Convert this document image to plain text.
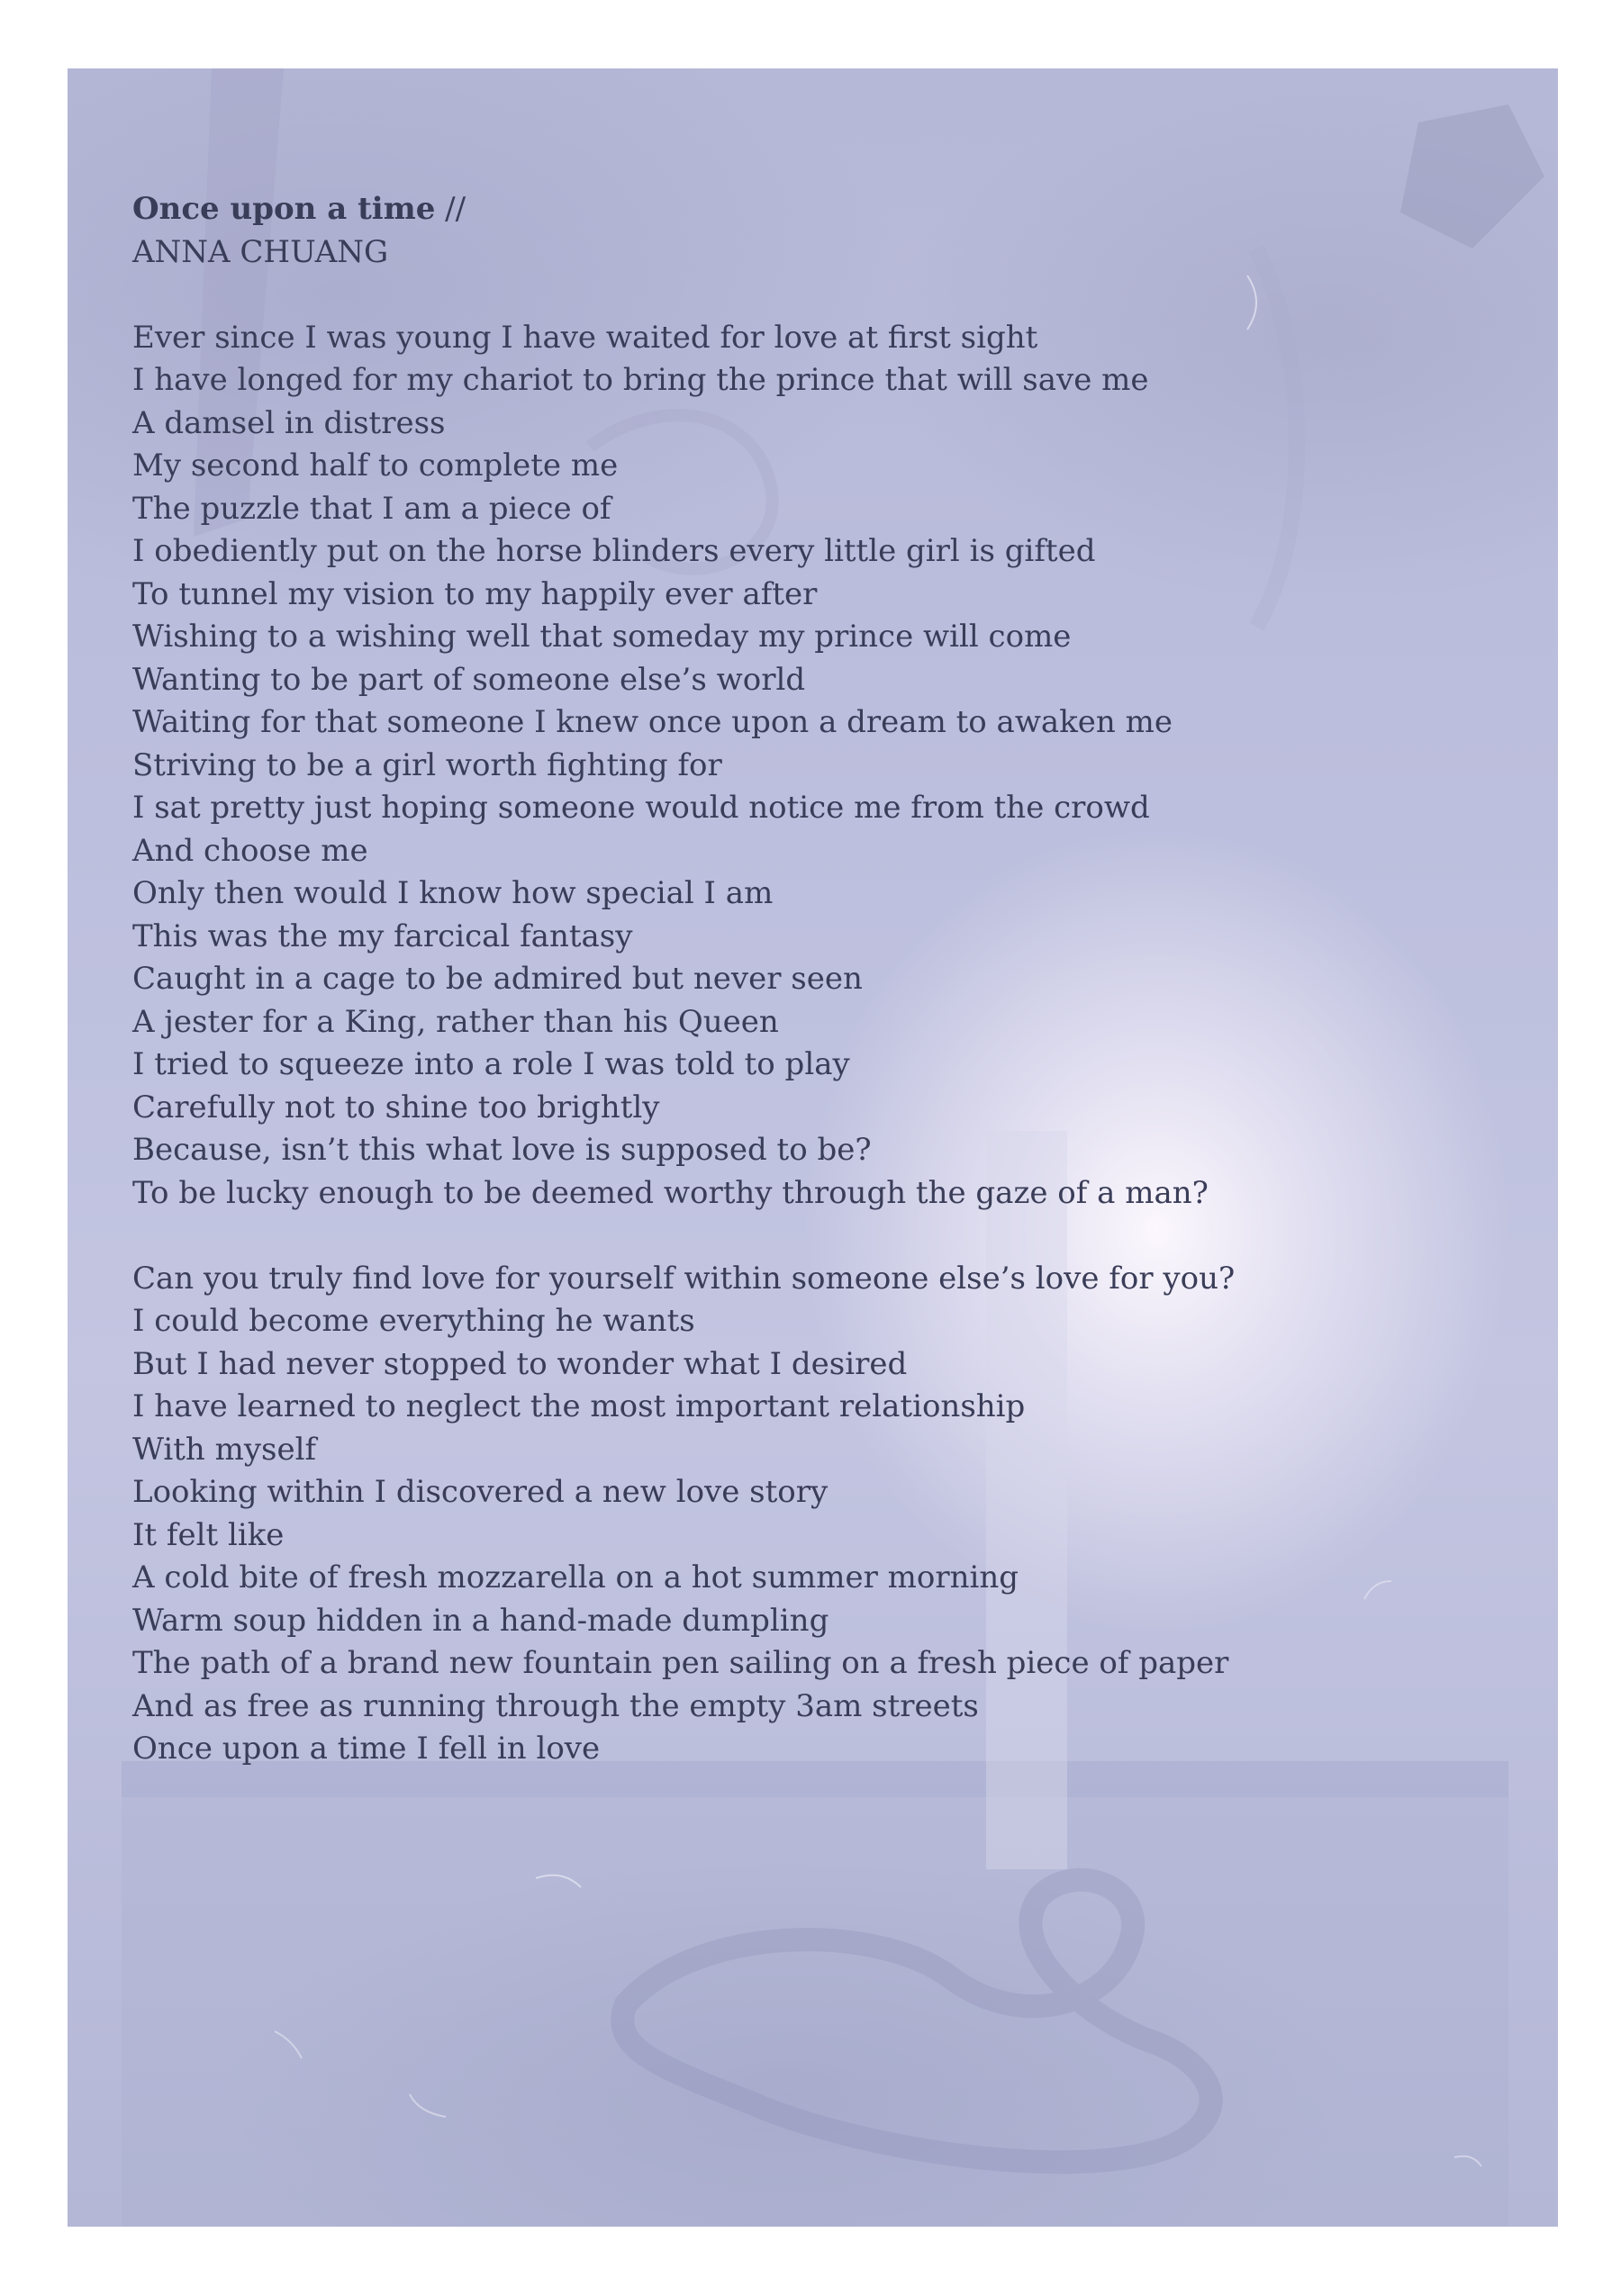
Once upon a time //
ANNA CHUANG
Ever since I was young I have waited for love at first sight
I have longed for my chariot to bring the prince that will save me
A damsel in distress
My second half to complete me
The puzzle that I am a piece of
I obediently put on the horse blinders every little girl is gifted
To tunnel my vision to my happily ever after
Wishing to a wishing well that someday my prince will come
Wanting to be part of someone else’s world
Waiting for that someone I knew once upon a dream to awaken me
Striving to be a girl worth fighting for
I sat pretty just hoping someone would notice me from the crowd
And choose me
Only then would I know how special I am
This was the my farcical fantasy
Caught in a cage to be admired but never seen
A jester for a King, rather than his Queen
I tried to squeeze into a role I was told to play
Carefully not to shine too brightly
Because, isn’t this what love is supposed to be?
To be lucky enough to be deemed worthy through the gaze of a man?
Can you truly find love for yourself within someone else’s love for you?
I could become everything he wants
But I had never stopped to wonder what I desired
I have learned to neglect the most important relationship
With myself
Looking within I discovered a new love story
It felt like
A cold bite of fresh mozzarella on a hot summer morning
Warm soup hidden in a hand-made dumpling
The path of a brand new fountain pen sailing on a fresh piece of paper
And as free as running through the empty 3am streets
Once upon a time I fell in love
